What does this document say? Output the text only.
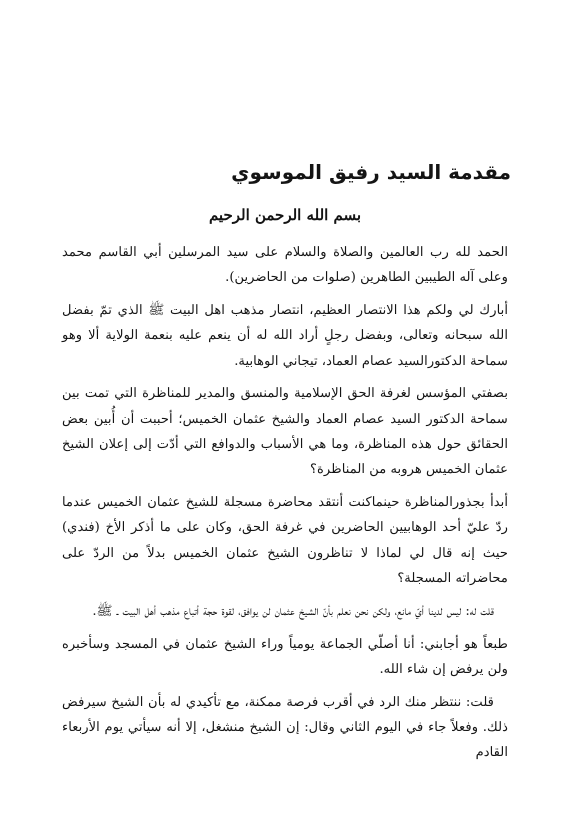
مقدمة السيد رفيق الموسوي
بسم الله الرحمن الرحيم

الحمد لله رب العالمين والصلاة والسلام على سيد المرسلين أبي القاسم محمد وعلى آله الطيبين الطاهرين (صلوات من الحاضرين).

أبارك لي ولكم هذا الانتصار العظيم، انتصار مذهب اهل البيت ﷺ الذي تمّ بفضل الله سبحانه وتعالى، وبفضل رجلٍ أراد الله له أن ينعم عليه بنعمة الولاية ألا وهو سماحة الدكتورالسيد عصام العماد، تيجاني الوهابية.

بصفتي المؤسس لغرفة الحق الإسلامية والمنسق والمدير للمناظرة التي تمت بين سماحة الدكتور السيد عصام العماد والشيخ عثمان الخميس؛ أحببت أن أُبين بعض الحقائق حول هذه المناظرة، وما هي الأسباب والدوافع التي أدّت إلى إعلان الشيخ عثمان الخميس هروبه من المناظرة؟

أبدأ بجذورالمناظرة حينماكنت أنتقد محاضرة مسجلة للشيخ عثمان الخميس عندما ردّ عليّ أحد الوهابيين الحاضرين في غرفة الحق، وكان على ما أذكر الأخ (فندي) حيث إنه قال لي لماذا لا تناظرون الشيخ عثمان الخميس بدلاً من الردّ على محاضراته المسجلة؟

قلت له: ليس لدينا أيّ مانع، ولكن نحن نعلم بأنّ الشيخ عثمان لن يوافق، لقوة حجة أتباع مذهب أهل البيت ـ ﷺ.

طبعاً هو أجابني: أنا أصلّي الجماعة يومياً وراء الشيخ عثمان في المسجد وسأخبره ولن يرفض إن شاء الله.

قلت: ننتظر منك الرد في أقرب فرصة ممكنة، مع تأكيدي له بأن الشيخ سيرفض ذلك. وفعلاً جاء في اليوم الثاني وقال: إن الشيخ منشغل، إلا أنه سيأتي يوم الأربعاء القادم
